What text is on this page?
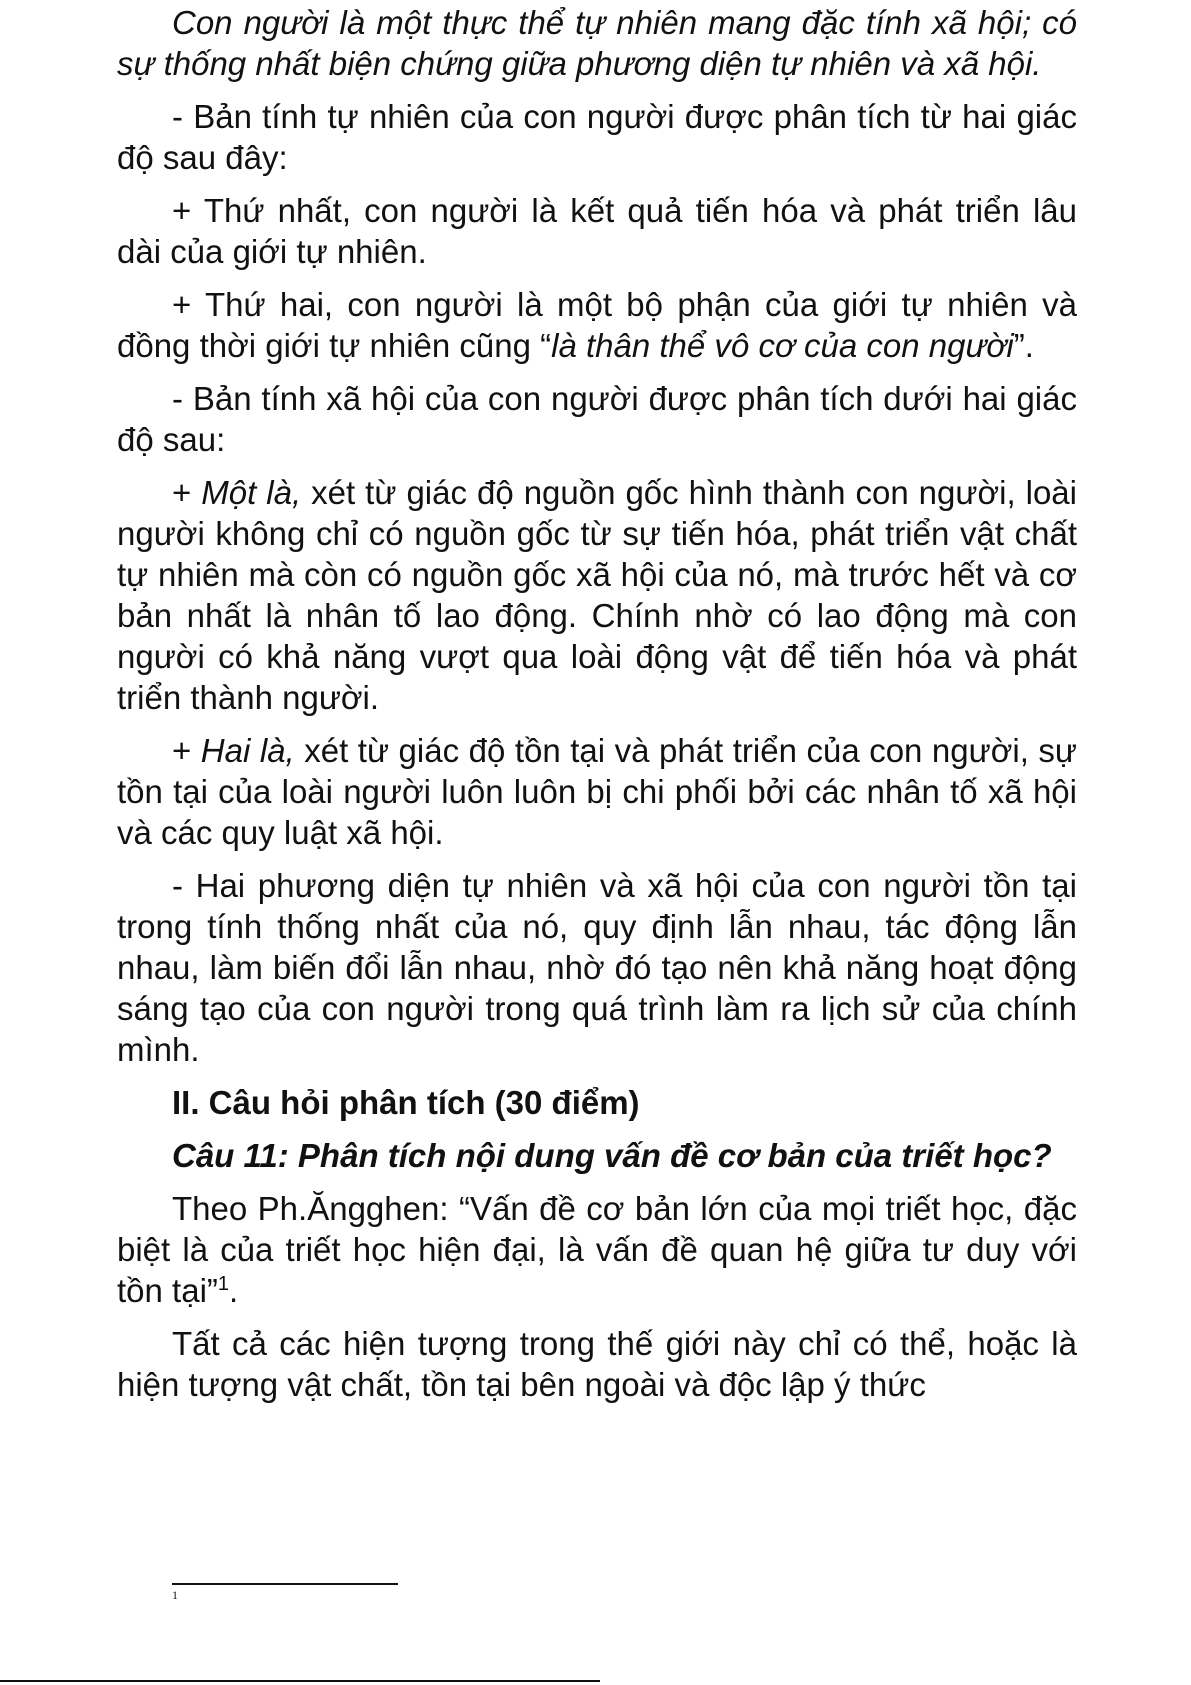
Con người là một thực thể tự nhiên mang đặc tính xã hội; có sự thống nhất biện chứng giữa phương diện tự nhiên và xã hội.

- Bản tính tự nhiên của con người được phân tích từ hai giác độ sau đây:

+ Thứ nhất, con người là kết quả tiến hóa và phát triển lâu dài của giới tự nhiên.

+ Thứ hai, con người là một bộ phận của giới tự nhiên và đồng thời giới tự nhiên cũng “là thân thể vô cơ của con người”.

- Bản tính xã hội của con người được phân tích dưới hai giác độ sau:

+ Một là, xét từ giác độ nguồn gốc hình thành con người, loài người không chỉ có nguồn gốc từ sự tiến hóa, phát triển vật chất tự nhiên mà còn có nguồn gốc xã hội của nó, mà trước hết và cơ bản nhất là nhân tố lao động. Chính nhờ có lao động mà con người có khả năng vượt qua loài động vật để tiến hóa và phát triển thành người.

+ Hai là, xét từ giác độ tồn tại và phát triển của con người, sự tồn tại của loài người luôn luôn bị chi phối bởi các nhân tố xã hội và các quy luật xã hội.

- Hai phương diện tự nhiên và xã hội của con người tồn tại trong tính thống nhất của nó, quy định lẫn nhau, tác động lẫn nhau, làm biến đổi lẫn nhau, nhờ đó tạo nên khả năng hoạt động sáng tạo của con người trong quá trình làm ra lịch sử của chính mình.

II. Câu hỏi phân tích (30 điểm)

Câu 11: Phân tích nội dung vấn đề cơ bản của triết học?

Theo Ph.Ăngghen: “Vấn đề cơ bản lớn của mọi triết học, đặc biệt là của triết học hiện đại, là vấn đề quan hệ giữa tư duy với tồn tại”$^1$.

Tất cả các hiện tượng trong thế giới này chỉ có thể, hoặc là hiện tượng vật chất, tồn tại bên ngoài và độc lập ý thức

1
